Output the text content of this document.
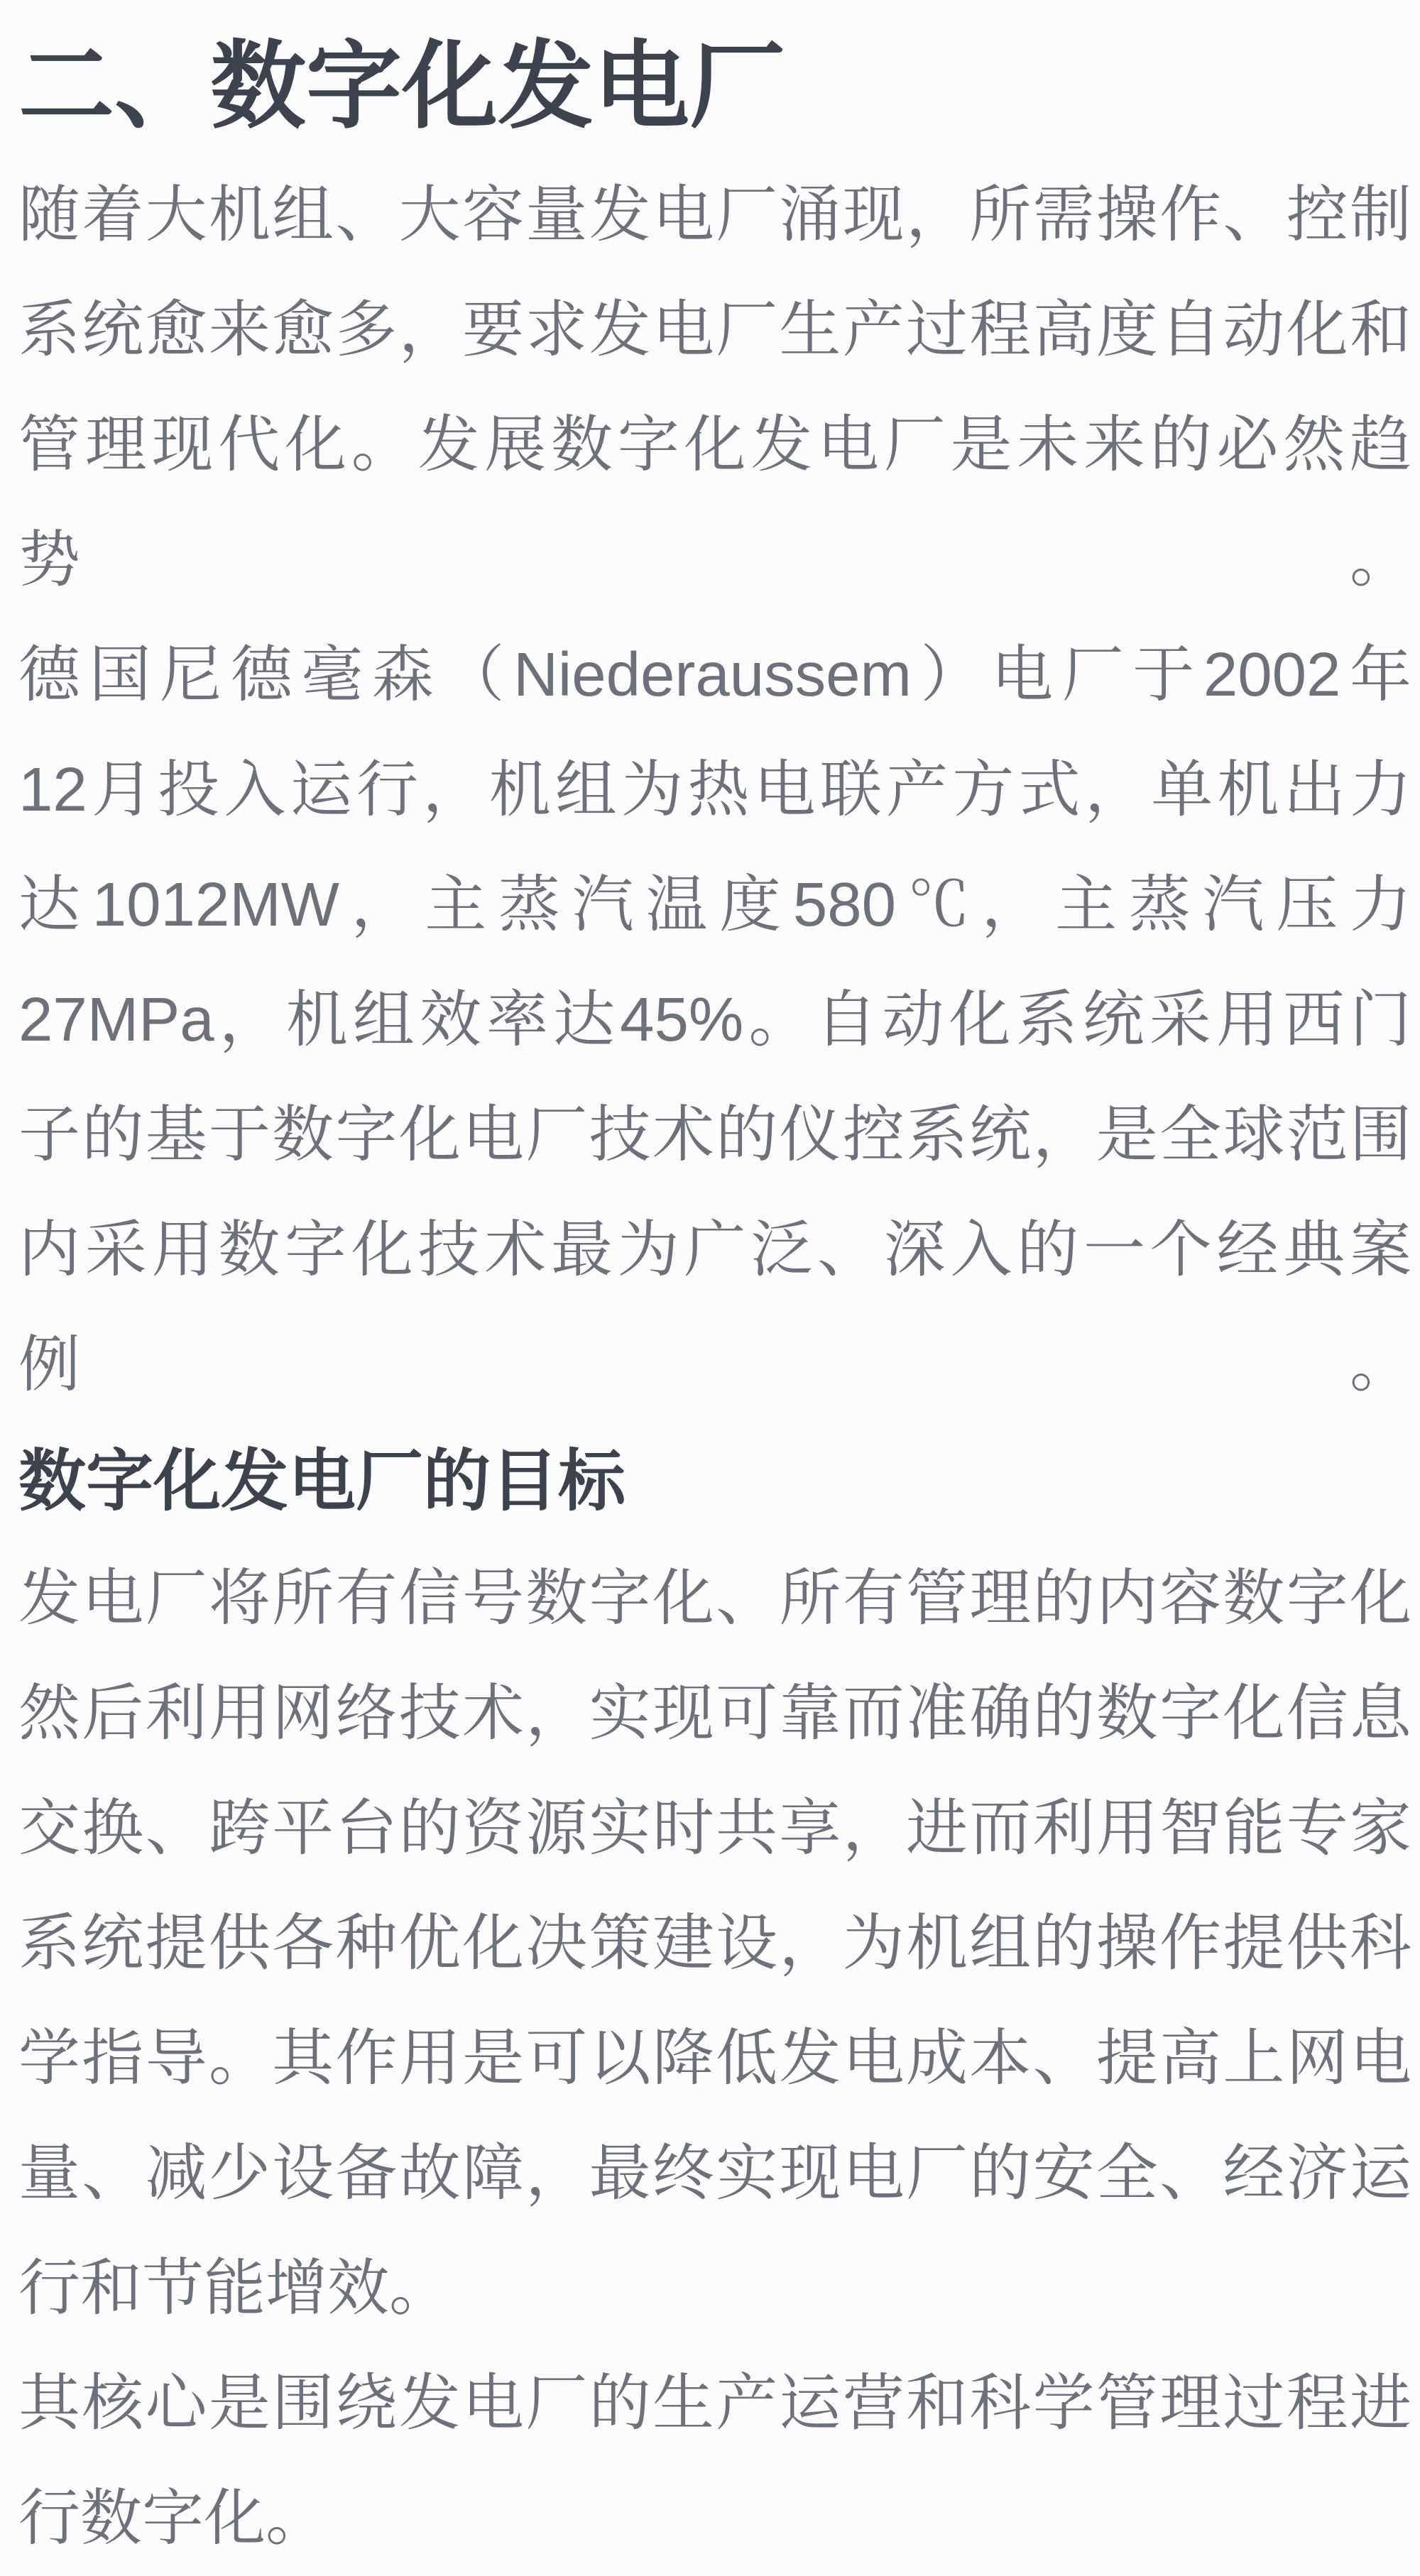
二、数字化发电厂
随着大机组、大容量发电厂涌现，所需操作、控制
系统愈来愈多，要求发电厂生产过程高度自动化和
管理现代化。发展数字化发电厂是未来的必然趋势。
德国尼德毫森（Niederaussem）电厂于2002年
12月投入运行，机组为热电联产方式，单机出力
达1012MW，主蒸汽温度580℃，主蒸汽压力
27MPa，机组效率达45%。自动化系统采用西门
子的基于数字化电厂技术的仪控系统，是全球范围
内采用数字化技术最为广泛、深入的一个经典案例。
数字化发电厂的目标
发电厂将所有信号数字化、所有管理的内容数字化
然后利用网络技术，实现可靠而准确的数字化信息
交换、跨平台的资源实时共享，进而利用智能专家
系统提供各种优化决策建设，为机组的操作提供科
学指导。其作用是可以降低发电成本、提高上网电
量、减少设备故障，最终实现电厂的安全、经济运
行和节能增效。
其核心是围绕发电厂的生产运营和科学管理过程进
行数字化。
